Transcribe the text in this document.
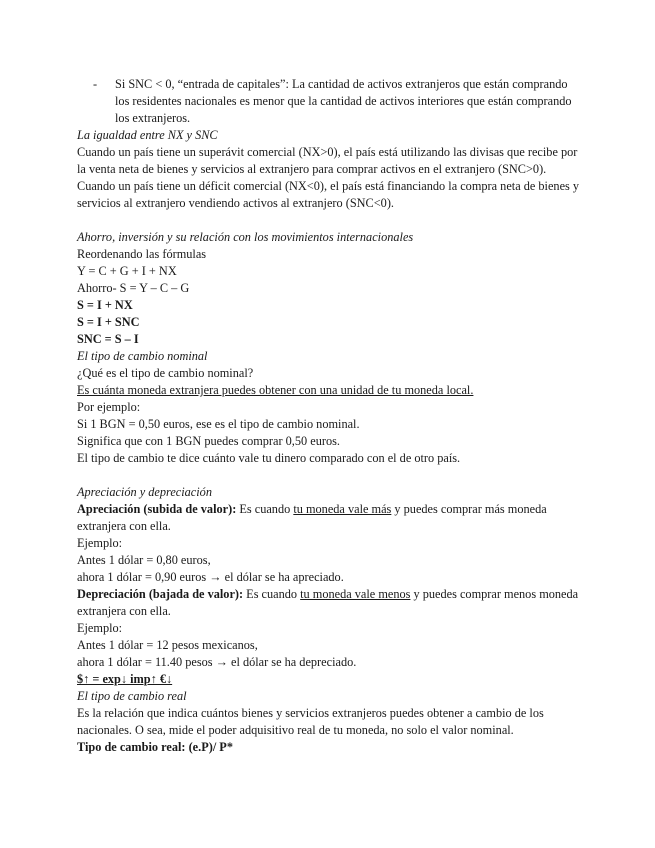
- Si SNC < 0, “entrada de capitales”: La cantidad de activos extranjeros que están comprando los residentes nacionales es menor que la cantidad de activos interiores que están comprando los extranjeros.

La igualdad entre NX y SNC

Cuando un país tiene un superávit comercial (NX>0), el país está utilizando las divisas que recibe por la venta neta de bienes y servicios al extranjero para comprar activos en el extranjero (SNC>0).

Cuando un país tiene un déficit comercial (NX<0), el país está financiando la compra neta de bienes y servicios al extranjero vendiendo activos al extranjero (SNC<0).

Ahorro, inversión y su relación con los movimientos internacionales

Reordenando las fórmulas

Y = C + G + I + NX

Ahorro- S = Y – C – G

S = I + NX

S = I + SNC

SNC = S – I

El tipo de cambio nominal

¿Qué es el tipo de cambio nominal?

Es cuánta moneda extranjera puedes obtener con una unidad de tu moneda local.

Por ejemplo:

Si 1 BGN = 0,50 euros, ese es el tipo de cambio nominal.

Significa que con 1 BGN puedes comprar 0,50 euros.

El tipo de cambio te dice cuánto vale tu dinero comparado con el de otro país.

Apreciación y depreciación

Apreciación (subida de valor): Es cuando tu moneda vale más y puedes comprar más moneda extranjera con ella.

Ejemplo:

Antes 1 dólar = 0,80 euros,

ahora 1 dólar = 0,90 euros → el dólar se ha apreciado.

Depreciación (bajada de valor): Es cuando tu moneda vale menos y puedes comprar menos moneda extranjera con ella.

Ejemplo:

Antes 1 dólar = 12 pesos mexicanos,

ahora 1 dólar = 11.40 pesos → el dólar se ha depreciado.

$↑ = exp↓ imp↑ €↓

El tipo de cambio real

Es la relación que indica cuántos bienes y servicios extranjeros puedes obtener a cambio de los nacionales. O sea, mide el poder adquisitivo real de tu moneda, no solo el valor nominal.

Tipo de cambio real: (e.P)/ P*
